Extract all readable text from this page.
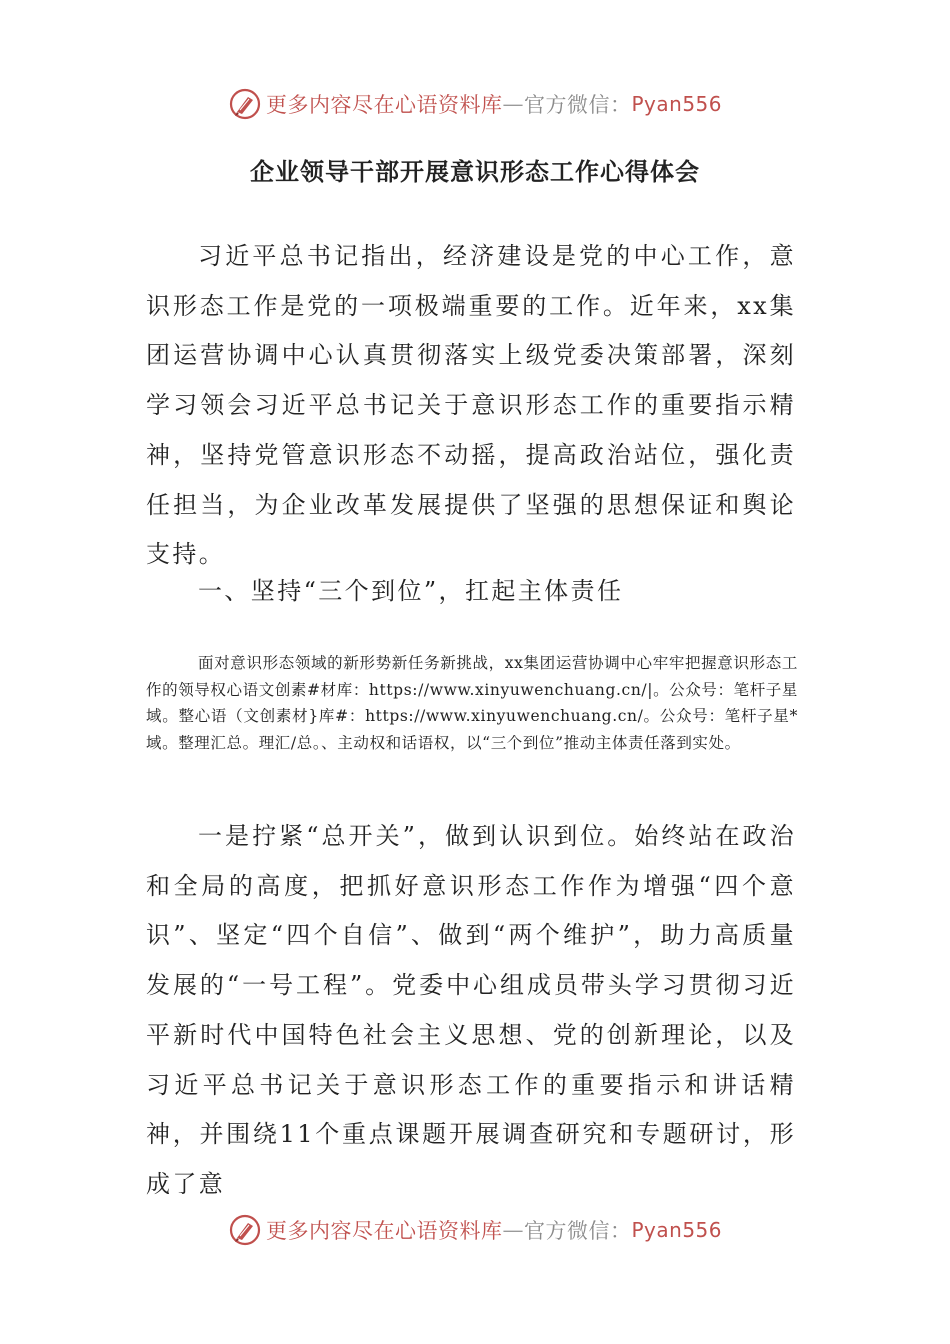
更多内容尽在心语资料库 — 官方微信： Pyan556
企业领导干部开展意识形态工作心得体会
习近平总书记指出，经济建设是党的中心工作，意识形态工作是党的一项极端重要的工作。近年来，xx集团运营协调中心认真贯彻落实上级党委决策部署，深刻学习领会习近平总书记关于意识形态工作的重要指示精神，坚持党管意识形态不动摇，提高政治站位，强化责任担当，为企业改革发展提供了坚强的思想保证和舆论支持。
一、坚持“三个到位”，扛起主体责任
面对意识形态领域的新形势新任务新挑战，xx集团运营协调中心牢牢把握意识形态工作的领导权心语文创素#材库：https://www.xinyuwenchuang.cn/|。公众号：笔杆子星域。整心语（文创素材}库#：https://www.xinyuwenchuang.cn/。公众号：笔杆子星*域。整理汇总。理汇/总。、主动权和话语权，以“三个到位”推动主体责任落到实处。
一是拧紧“总开关”，做到认识到位。始终站在政治和全局的高度，把抓好意识形态工作作为增强“四个意识”、坚定“四个自信”、做到“两个维护”，助力高质量发展的“一号工程”。党委中心组成员带头学习贯彻习近平新时代中国特色社会主义思想、党的创新理论，以及习近平总书记关于意识形态工作的重要指示和讲话精神，并围绕11个重点课题开展调查研究和专题研讨，形成了意
更多内容尽在心语资料库 — 官方微信： Pyan556
